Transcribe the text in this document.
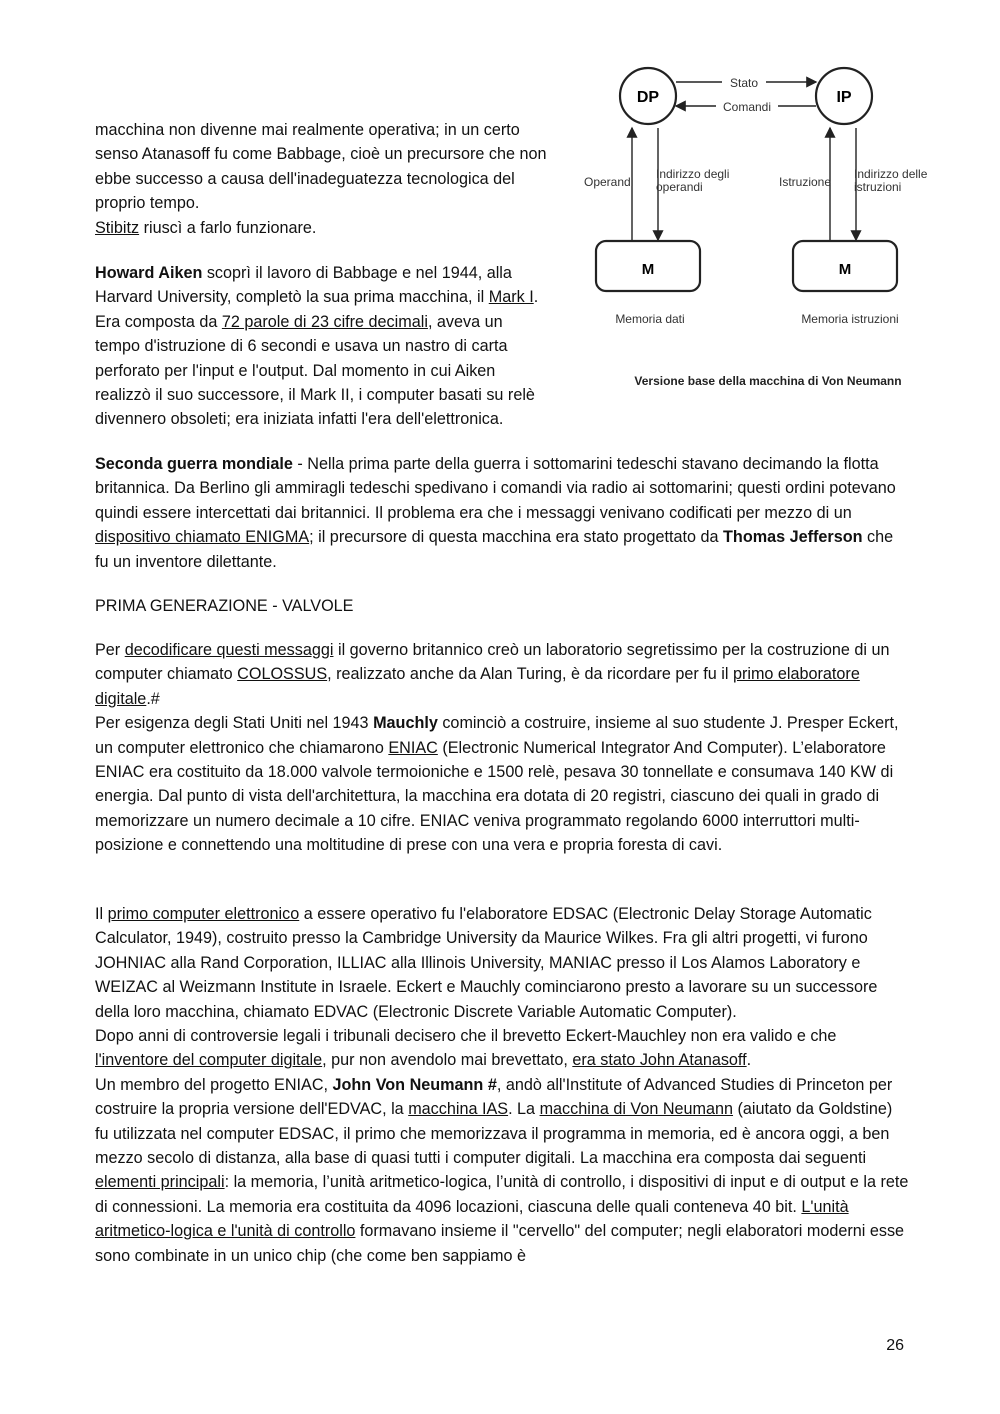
macchina non divenne mai realmente operativa; in un certo senso Atanasoff fu come Babbage, cioè un precursore che non ebbe successo a causa dell'inadeguatezza tecnologica del proprio tempo.
Stibitz riuscì a farlo funzionare.

Howard Aiken scoprì il lavoro di Babbage e nel 1944, alla Harvard University, completò la sua prima macchina, il Mark I. Era composta da 72 parole di 23 cifre decimali, aveva un tempo d'istruzione di 6 secondi e usava un nastro di carta perforato per l'input e l'output. Dal momento in cui Aiken realizzò il suo successore, il Mark II, i computer basati su relè divennero obsoleti; era iniziata infatti l'era dell'elettronica.

DP	IP
Stato
Comandi
Operandi
Indirizzo degli
operandi	Istruzione
Indirizzo delle
istruzioni
M	M
Memoria dati	Memoria istruzioni
Versione base della macchina di Von Neumann

Seconda guerra mondiale - Nella prima parte della guerra i sottomarini tedeschi stavano decimando la flotta britannica. Da Berlino gli ammiragli tedeschi spedivano i comandi via radio ai sottomarini; questi ordini potevano quindi essere intercettati dai britannici. Il problema era che i messaggi venivano codificati per mezzo di un dispositivo chiamato ENIGMA; il precursore di questa macchina era stato progettato da Thomas Jefferson che fu un inventore dilettante.

PRIMA GENERAZIONE - VALVOLE

Per decodificare questi messaggi il governo britannico creò un laboratorio segretissimo per la costruzione di un computer chiamato COLOSSUS, realizzato anche da Alan Turing, è da ricordare per fu il primo elaboratore digitale.#
Per esigenza degli Stati Uniti nel 1943 Mauchly cominciò a costruire, insieme al suo studente J. Presper Eckert, un computer elettronico che chiamarono ENIAC (Electronic Numerical Integrator And Computer). L’elaboratore ENIAC era costituito da 18.000 valvole termoioniche e 1500 relè, pesava 30 tonnellate e consumava 140 KW di energia. Dal punto di vista dell'architettura, la macchina era dotata di 20 registri, ciascuno dei quali in grado di memorizzare un numero decimale a 10 cifre. ENIAC veniva programmato regolando 6000 interruttori multi-posizione e connettendo una moltitudine di prese con una vera e propria foresta di cavi.

Il primo computer elettronico a essere operativo fu l'elaboratore EDSAC (Electronic Delay Storage Automatic Calculator, 1949), costruito presso la Cambridge University da Maurice Wilkes. Fra gli altri progetti, vi furono JOHNIAC alla Rand Corporation, ILLIAC alla Illinois University, MANIAC presso il Los Alamos Laboratory e WEIZAC al Weizmann Institute in Israele. Eckert e Mauchly cominciarono presto a lavorare su un successore della loro macchina, chiamato EDVAC (Electronic Discrete Variable Automatic Computer).
Dopo anni di controversie legali i tribunali decisero che il brevetto Eckert-Mauchley non era valido e che l'inventore del computer digitale, pur non avendolo mai brevettato, era stato John Atanasoff.
Un membro del progetto ENIAC, John Von Neumann #, andò all'Institute of Advanced Studies di Princeton per costruire la propria versione dell'EDVAC, la macchina IAS. La macchina di Von Neumann (aiutato da Goldstine) fu utilizzata nel computer EDSAC, il primo che memorizzava il programma in memoria, ed è ancora oggi, a ben mezzo secolo di distanza, alla base di quasi tutti i computer digitali. La macchina era composta dai seguenti elementi principali: la memoria, l’unità aritmetico-logica, l’unità di controllo, i dispositivi di input e di output e la rete di connessioni. La memoria era costituita da 4096 locazioni, ciascuna delle quali conteneva 40 bit. L'unità aritmetico-logica e l'unità di controllo formavano insieme il "cervello" del computer; negli elaboratori moderni esse sono combinate in un unico chip (che come ben sappiamo è

26
